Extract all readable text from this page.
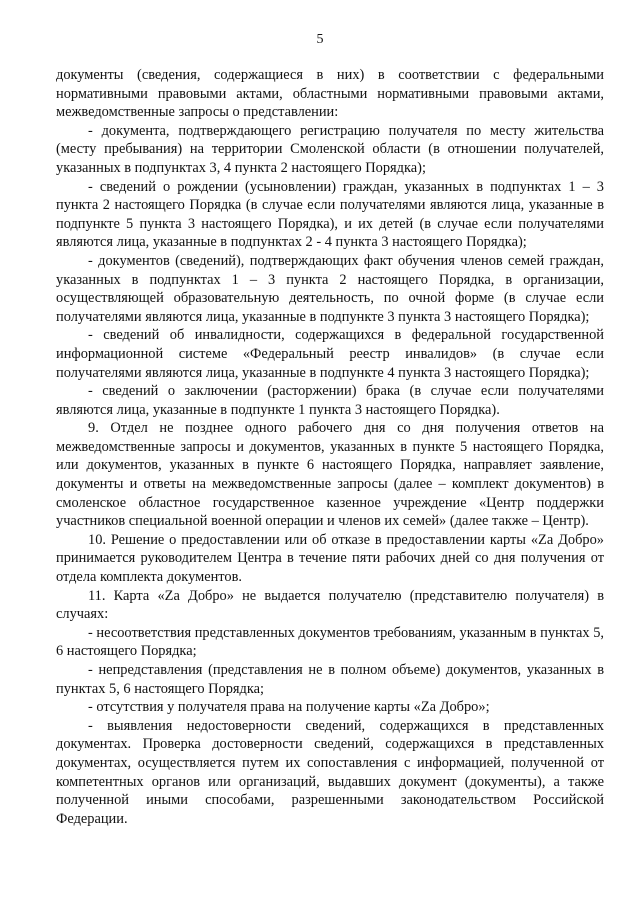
5

документы (сведения, содержащиеся в них) в соответствии с федеральными нормативными правовыми актами, областными нормативными правовыми актами, межведомственные запросы о представлении:

- документа, подтверждающего регистрацию получателя по месту жительства (месту пребывания) на территории Смоленской области (в отношении получателей, указанных в подпунктах 3, 4 пункта 2 настоящего Порядка);

- сведений о рождении (усыновлении) граждан, указанных в подпунктах 1 – 3 пункта 2 настоящего Порядка (в случае если получателями являются лица, указанные в подпункте 5 пункта 3 настоящего Порядка), и их детей (в случае если получателями являются лица, указанные в подпунктах 2 - 4 пункта 3 настоящего Порядка);

- документов (сведений), подтверждающих факт обучения членов семей граждан, указанных в подпунктах 1 – 3 пункта 2 настоящего Порядка, в организации, осуществляющей образовательную деятельность, по очной форме (в случае если получателями являются лица, указанные в подпункте 3 пункта 3 настоящего Порядка);

- сведений об инвалидности, содержащихся в федеральной государственной информационной системе «Федеральный реестр инвалидов» (в случае если получателями являются лица, указанные в подпункте 4 пункта 3 настоящего Порядка);

- сведений о заключении (расторжении) брака (в случае если получателями являются лица, указанные в подпункте 1 пункта 3 настоящего Порядка).

9. Отдел не позднее одного рабочего дня со дня получения ответов на межведомственные запросы и документов, указанных в пункте 5 настоящего Порядка, или документов, указанных в пункте 6 настоящего Порядка, направляет заявление, документы и ответы на межведомственные запросы (далее – комплект документов) в смоленское областное государственное казенное учреждение «Центр поддержки участников специальной военной операции и членов их семей» (далее также – Центр).

10. Решение о предоставлении или об отказе в предоставлении карты «Za Добро» принимается руководителем Центра в течение пяти рабочих дней со дня получения от отдела комплекта документов.

11. Карта «Za Добро» не выдается получателю (представителю получателя) в случаях:

- несоответствия представленных документов требованиям, указанным в пунктах 5, 6 настоящего Порядка;

- непредставления (представления не в полном объеме) документов, указанных в пунктах 5, 6 настоящего Порядка;

- отсутствия у получателя права на получение карты «Za Добро»;

- выявления недостоверности сведений, содержащихся в представленных документах. Проверка достоверности сведений, содержащихся в представленных документах, осуществляется путем их сопоставления с информацией, полученной от компетентных органов или организаций, выдавших документ (документы), а также полученной иными способами, разрешенными законодательством Российской Федерации.
